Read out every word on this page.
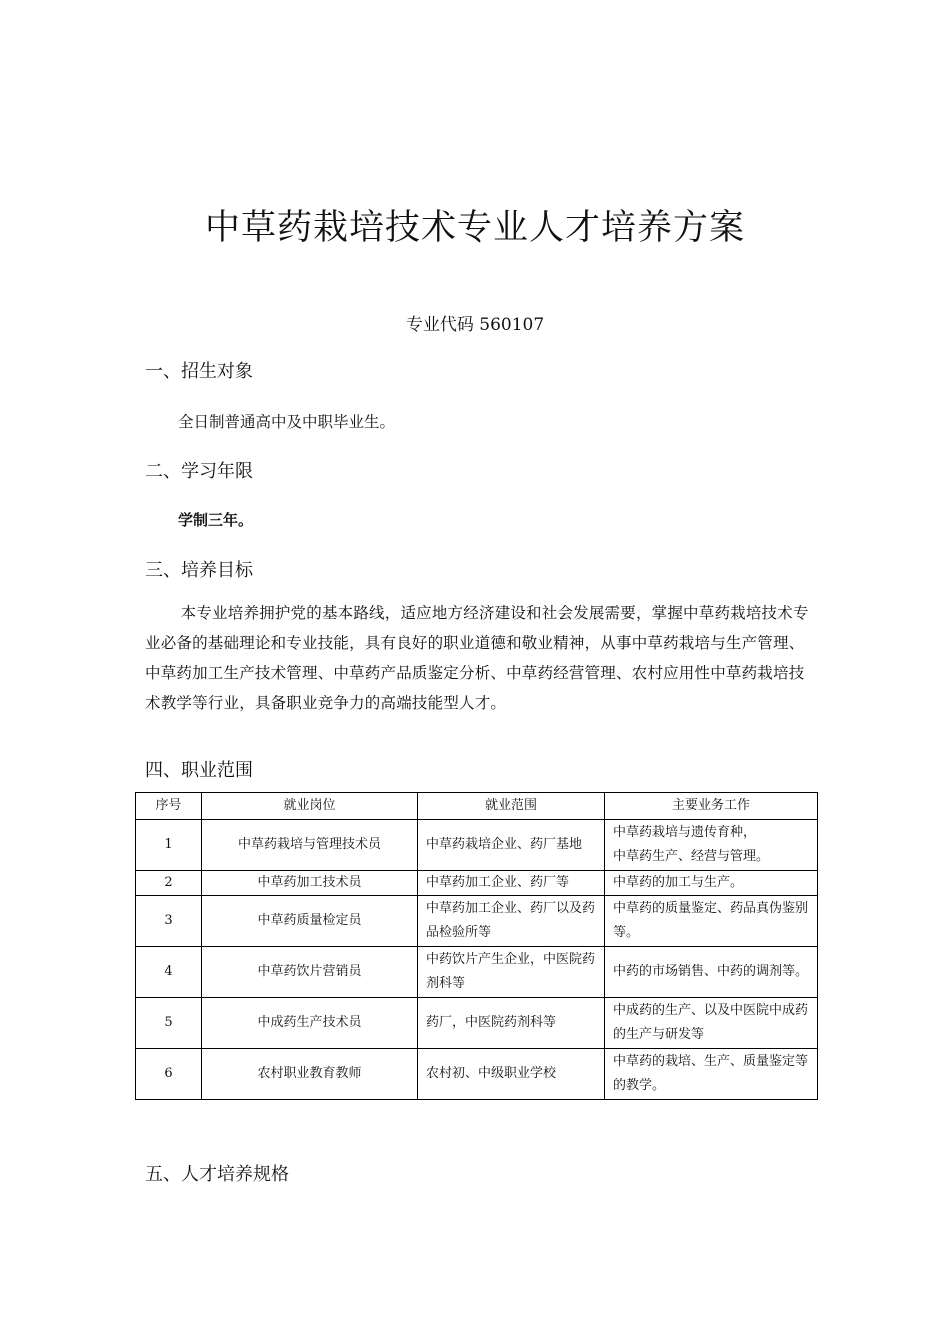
中草药栽培技术专业人才培养方案
专业代码 560107
一、招生对象
全日制普通高中及中职毕业生。
二、学习年限
学制三年。
三、培养目标
本专业培养拥护党的基本路线，适应地方经济建设和社会发展需要，掌握中草药栽培技术专业必备的基础理论和专业技能，具有良好的职业道德和敬业精神，从事中草药栽培与生产管理、中草药加工生产技术管理、中草药产品质鉴定分析、中草药经营管理、农村应用性中草药栽培技术教学等行业，具备职业竞争力的高端技能型人才。
四、职业范围
序号	就业岗位	就业范围	主要业务工作
1	中草药栽培与管理技术员	中草药栽培企业、药厂基地	中草药栽培与遗传育种，
中草药生产、经营与管理。
2	中草药加工技术员	中草药加工企业、药厂等	中草药的加工与生产。
3	中草药质量检定员	中草药加工企业、药厂以及药品检验所等	中草药的质量鉴定、药品真伪鉴别等。
4	中草药饮片营销员	中药饮片产生企业，中医院药剂科等	中药的市场销售、中药的调剂等。
5	中成药生产技术员	药厂，中医院药剂科等	中成药的生产、以及中医院中成药的生产与研发等
6	农村职业教育教师	农村初、中级职业学校	中草药的栽培、生产、质量鉴定等的教学。
五、人才培养规格
